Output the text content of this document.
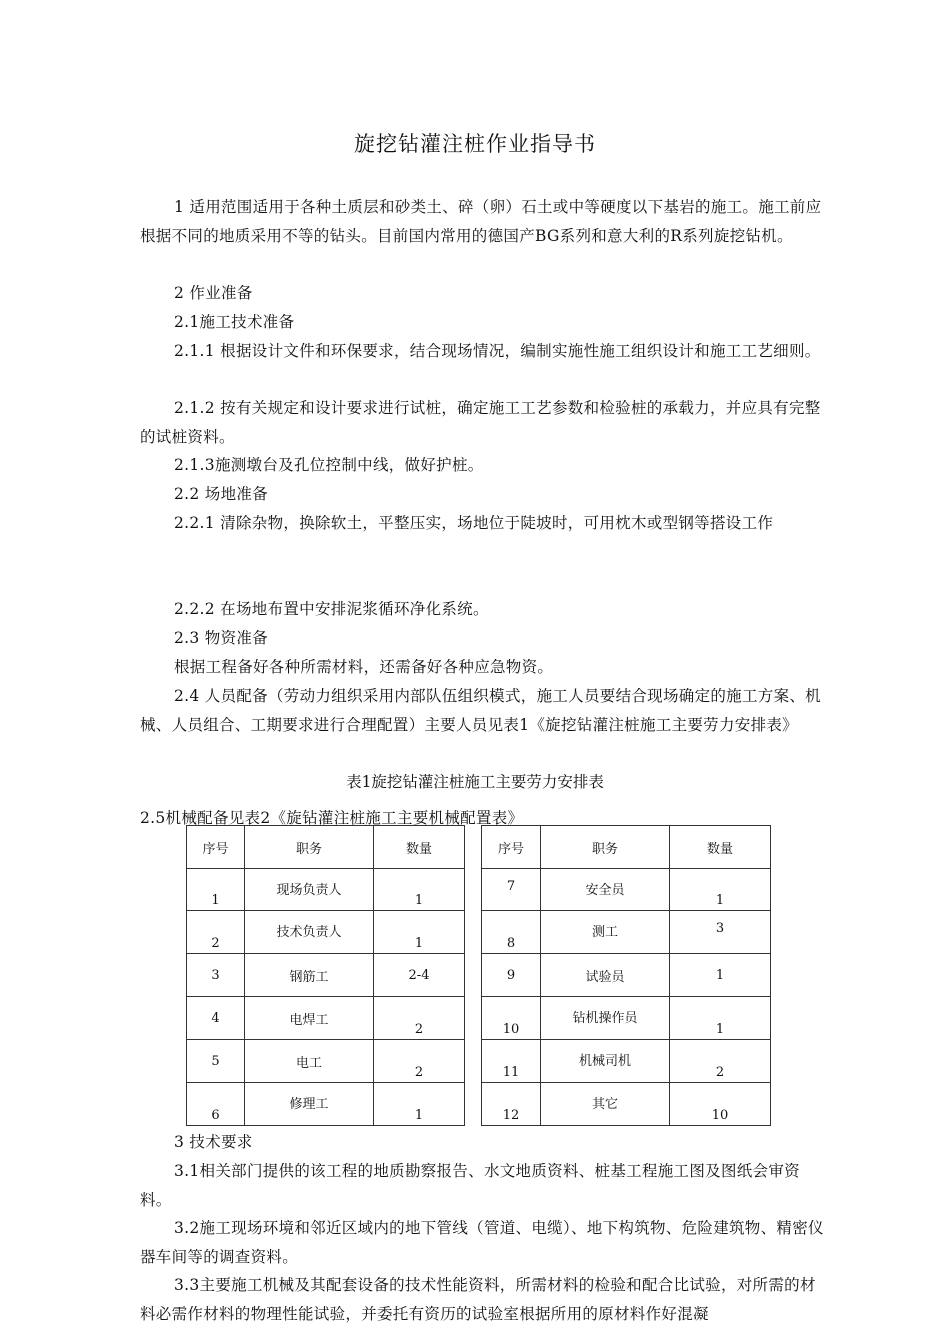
旋挖钻灌注桩作业指导书
1 适用范围适用于各种土质层和砂类土、碎（卵）石土或中等硬度以下基岩的施工。施工前应根据不同的地质采用不等的钻头。目前国内常用的德国产BG系列和意大利的R系列旋挖钻机。
2 作业准备
2.1施工技术准备
2.1.1 根据设计文件和环保要求，结合现场情况，编制实施性施工组织设计和施工工艺细则。
2.1.2 按有关规定和设计要求进行试桩，确定施工工艺参数和检验桩的承载力，并应具有完整的试桩资料。
2.1.3施测墩台及孔位控制中线，做好护桩。
2.2 场地准备
2.2.1 清除杂物，换除软土，平整压实，场地位于陡坡时，可用枕木或型钢等搭设工作
2.2.2 在场地布置中安排泥浆循环净化系统。
2.3 物资准备
根据工程备好各种所需材料，还需备好各种应急物资。
2.4 人员配备（劳动力组织采用内部队伍组织模式，施工人员要结合现场确定的施工方案、机械、人员组合、工期要求进行合理配置）主要人员见表1《旋挖钻灌注桩施工主要劳力安排表》
表1旋挖钻灌注桩施工主要劳力安排表
2.5机械配备见表2《旋钻灌注桩施工主要机械配置表》
序号	职务	数量		序号	职务	数量

1	现场负责人	1		7	安全员	1

2	技术负责人	1		8	测工	3

3	钢筋工	2-4		9	试验员	1

4	电焊工	2		10	钻机操作员	1

5	电工	2		11	机械司机	2

6	修理工	1		12	其它	10
3 技术要求
3.1相关部门提供的该工程的地质勘察报告、水文地质资料、桩基工程施工图及图纸会审资料。
3.2施工现场环境和邻近区域内的地下管线（管道、电缆）、地下构筑物、危险建筑物、精密仪器车间等的调查资料。
3.3主要施工机械及其配套设备的技术性能资料，所需材料的检验和配合比试验，对所需的材料必需作材料的物理性能试验，并委托有资历的试验室根据所用的原材料作好混凝
